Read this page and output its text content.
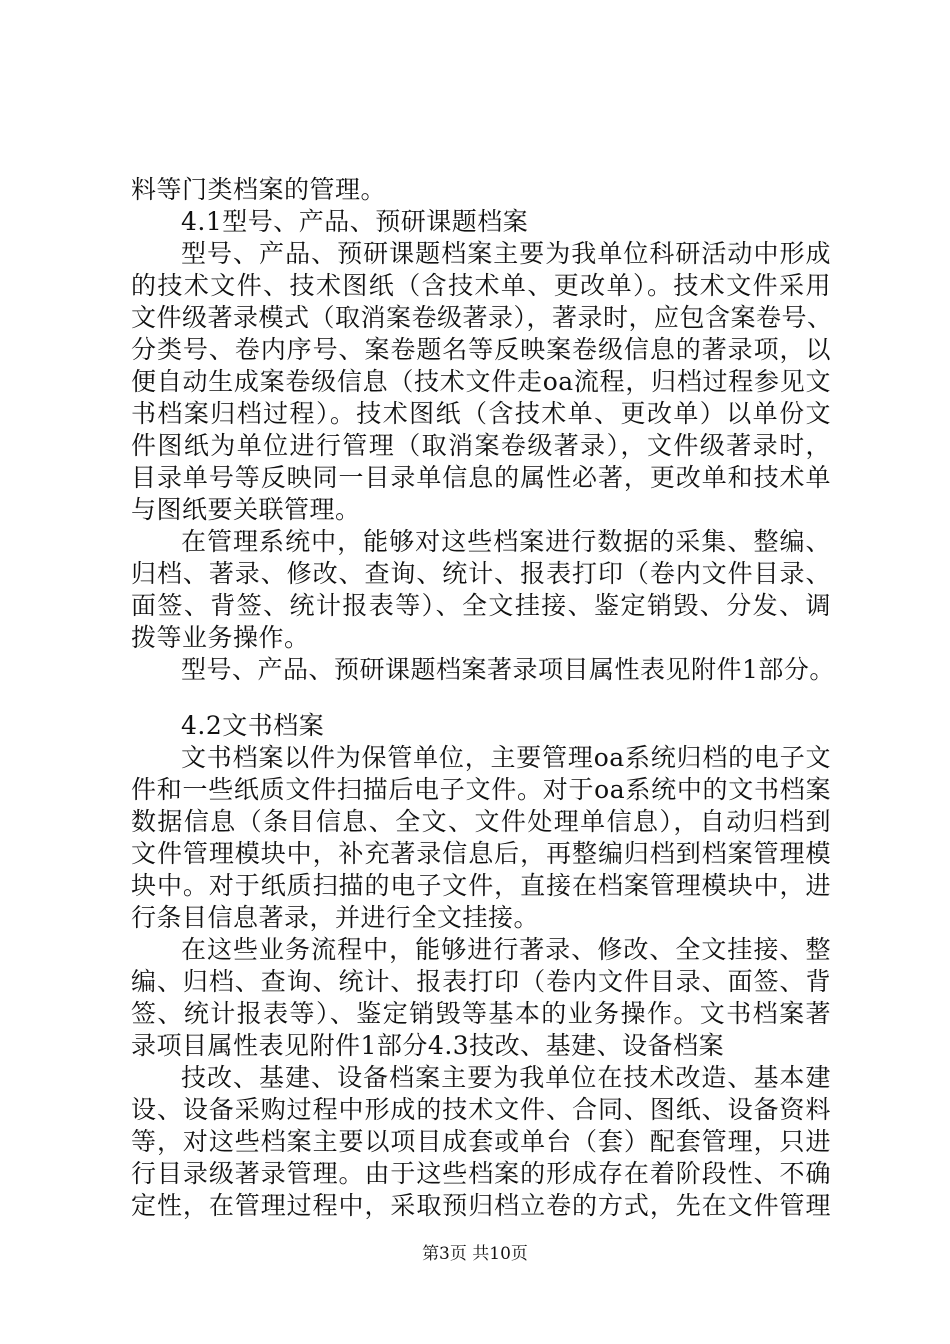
料等门类档案的管理。
4.1型号、产品、预研课题档案
型号、产品、预研课题档案主要为我单位科研活动中形成
的技术文件、技术图纸（含技术单、更改单）。技术文件采用
文件级著录模式（取消案卷级著录），著录时，应包含案卷号、
分类号、卷内序号、案卷题名等反映案卷级信息的著录项，以
便自动生成案卷级信息（技术文件走oa流程，归档过程参见文
书档案归档过程）。技术图纸（含技术单、更改单）以单份文
件图纸为单位进行管理（取消案卷级著录），文件级著录时，
目录单号等反映同一目录单信息的属性必著，更改单和技术单
与图纸要关联管理。
在管理系统中，能够对这些档案进行数据的采集、整编、
归档、著录、修改、查询、统计、报表打印（卷内文件目录、
面签、背签、统计报表等）、全文挂接、鉴定销毁、分发、调
拨等业务操作。
型号、产品、预研课题档案著录项目属性表见附件1部分。
4.2文书档案
文书档案以件为保管单位，主要管理oa系统归档的电子文
件和一些纸质文件扫描后电子文件。对于oa系统中的文书档案
数据信息（条目信息、全文、文件处理单信息），自动归档到
文件管理模块中，补充著录信息后，再整编归档到档案管理模
块中。对于纸质扫描的电子文件，直接在档案管理模块中，进
行条目信息著录，并进行全文挂接。
在这些业务流程中，能够进行著录、修改、全文挂接、整
编、归档、查询、统计、报表打印（卷内文件目录、面签、背
签、统计报表等）、鉴定销毁等基本的业务操作。文书档案著
录项目属性表见附件1部分4.3技改、基建、设备档案
技改、基建、设备档案主要为我单位在技术改造、基本建
设、设备采购过程中形成的技术文件、合同、图纸、设备资料
等，对这些档案主要以项目成套或单台（套）配套管理，只进
行目录级著录管理。由于这些档案的形成存在着阶段性、不确
定性，在管理过程中，采取预归档立卷的方式，先在文件管理
第3页 共10页
